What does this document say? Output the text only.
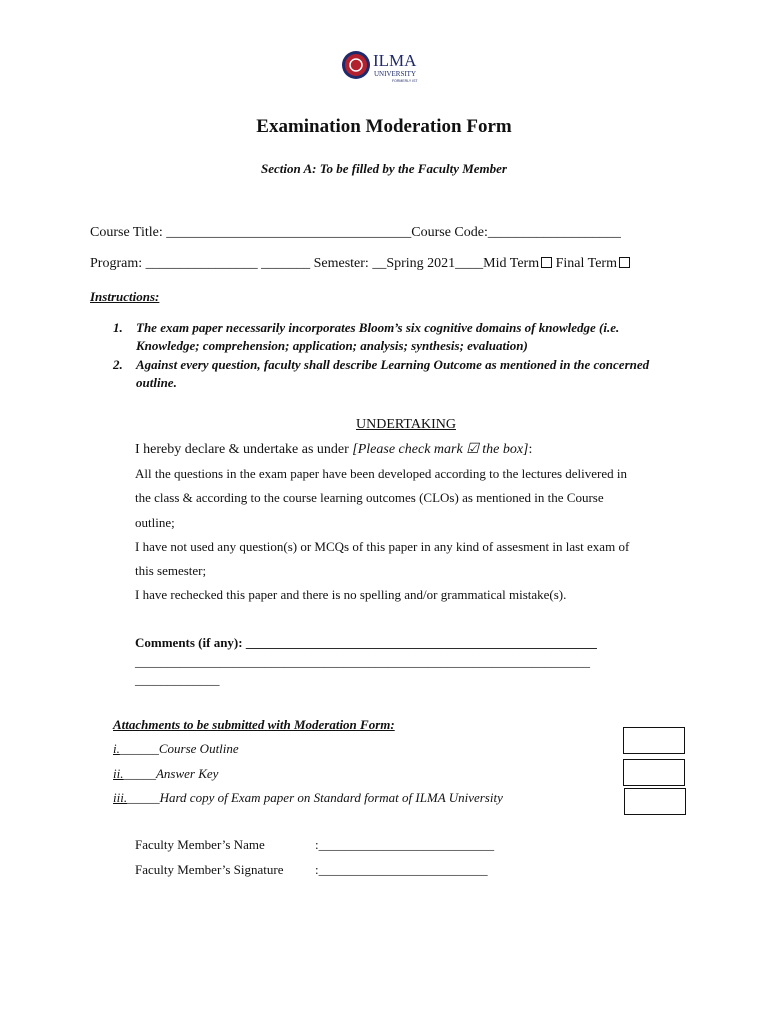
ILMA
UNIVERSITY
FORMERLY IST
Examination Moderation Form
Section A: To be filled by the Faculty Member
Course Title: ___________________________________Course Code:___________________
Program: ________________ _______ Semester: __Spring 2021____Mid Term Final Term
Instructions:
1. The exam paper necessarily incorporates Bloom’s six cognitive domains of knowledge (i.e.
Knowledge; comprehension; application; analysis; synthesis; evaluation)
2. Against every question, faculty shall describe Learning Outcome as mentioned in the concerned
outline.
UNDERTAKING
I hereby declare & undertake as under [Please check mark ☑ the box]:
All the questions in the exam paper have been developed according to the lectures delivered in
the class & according to the course learning outcomes (CLOs) as mentioned in the Course
outline;
I have not used any question(s) or MCQs of this paper in any kind of assesment in last exam of
this semester;
I have rechecked this paper and there is no spelling and/or grammatical mistake(s).
Comments (if any): ______________________________________________________
______________________________________________________________________
_____________
Attachments to be submitted with Moderation Form:
i.______Course Outline
ii._____Answer Key
iii._____Hard copy of Exam paper on Standard format of ILMA University
Faculty Member’s Name	:___________________________
Faculty Member’s Signature :__________________________
